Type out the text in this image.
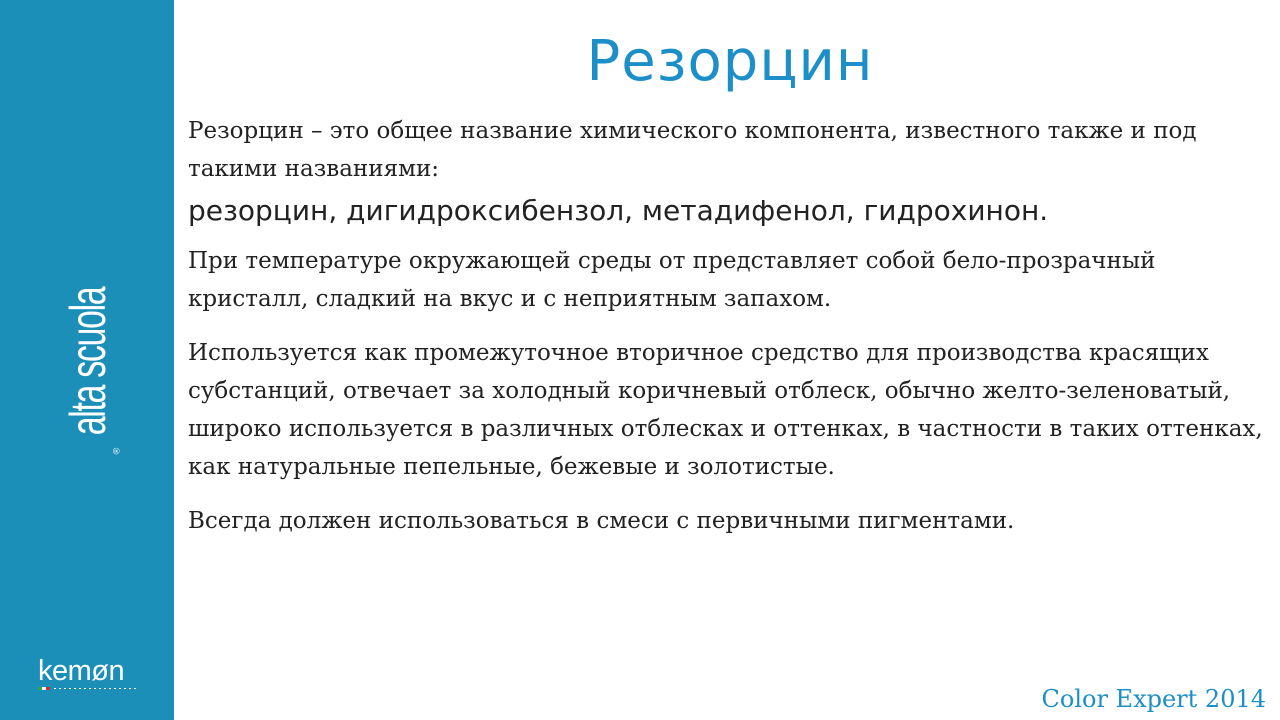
alta scuola
®
kemøn
Резорцин

Резорцин – это общее название химического компонента, известного также и под такими названиями:

резорцин, дигидроксибензол, метадифенол, гидрохинон.

При температуре окружающей среды от представляет собой бело-прозрачный кристалл, сладкий на вкус и с неприятным запахом.

Используется как промежуточное вторичное средство для производства красящих субстанций, отвечает за холодный коричневый отблеск, обычно желто-зеленоватый, широко используется в различных отблесках и оттенках, в частности в таких оттенках, как натуральные пепельные, бежевые и золотистые.

Всегда должен использоваться в смеси с первичными пигментами.

Color Expert 2014
